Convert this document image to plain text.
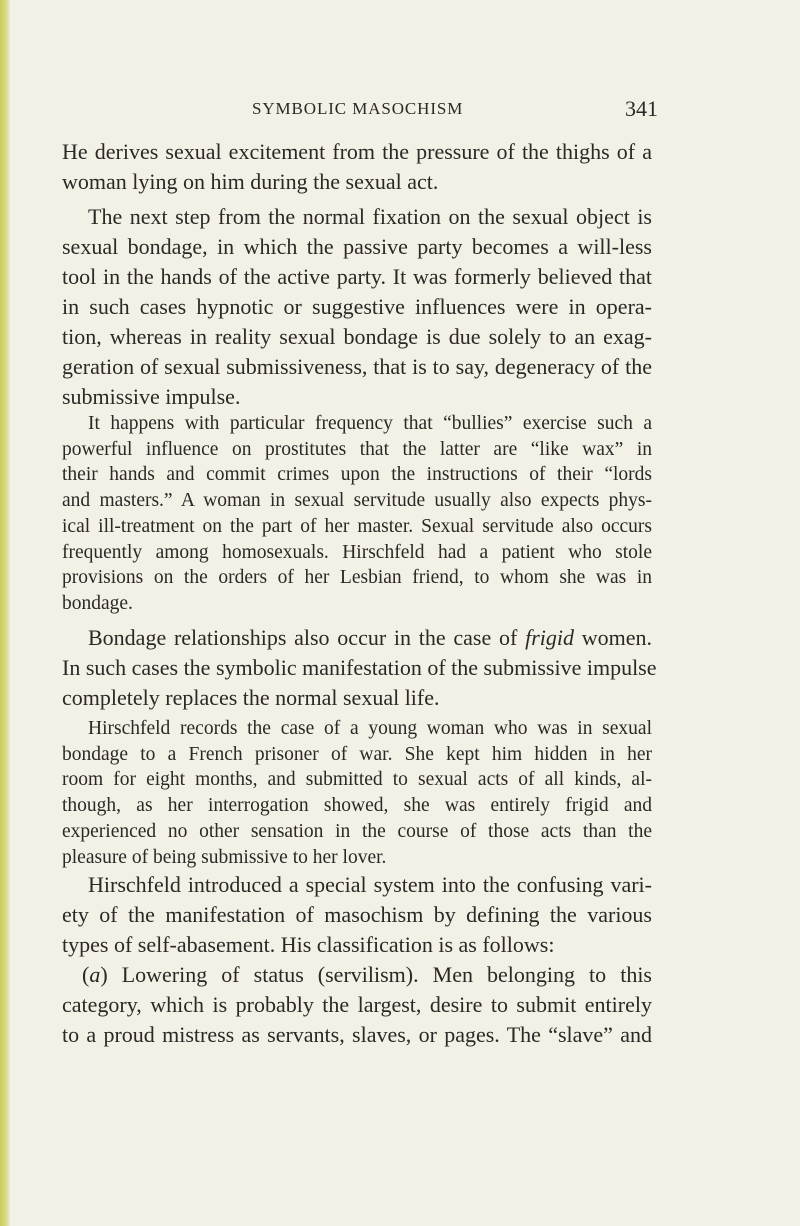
SYMBOLIC MASOCHISM	341

He derives sexual excitement from the pressure of the thighs of a
woman lying on him during the sexual act.

The next step from the normal fixation on the sexual object is
sexual bondage, in which the passive party becomes a will-less
tool in the hands of the active party. It was formerly believed that
in such cases hypnotic or suggestive influences were in opera-
tion, whereas in reality sexual bondage is due solely to an exag-
geration of sexual submissiveness, that is to say, degeneracy of the
submissive impulse.

It happens with particular frequency that “bullies” exercise such a
powerful influence on prostitutes that the latter are “like wax” in
their hands and commit crimes upon the instructions of their “lords
and masters.” A woman in sexual servitude usually also expects phys-
ical ill-treatment on the part of her master. Sexual servitude also occurs
frequently among homosexuals. Hirschfeld had a patient who stole
provisions on the orders of her Lesbian friend, to whom she was in
bondage.

Bondage relationships also occur in the case of frigid women.
In such cases the symbolic manifestation of the submissive impulse
completely replaces the normal sexual life.

Hirschfeld records the case of a young woman who was in sexual
bondage to a French prisoner of war. She kept him hidden in her
room for eight months, and submitted to sexual acts of all kinds, al-
though, as her interrogation showed, she was entirely frigid and
experienced no other sensation in the course of those acts than the
pleasure of being submissive to her lover.

Hirschfeld introduced a special system into the confusing vari-
ety of the manifestation of masochism by defining the various
types of self-abasement. His classification is as follows:
(a) Lowering of status (servilism). Men belonging to this
category, which is probably the largest, desire to submit entirely
to a proud mistress as servants, slaves, or pages. The “slave” and
